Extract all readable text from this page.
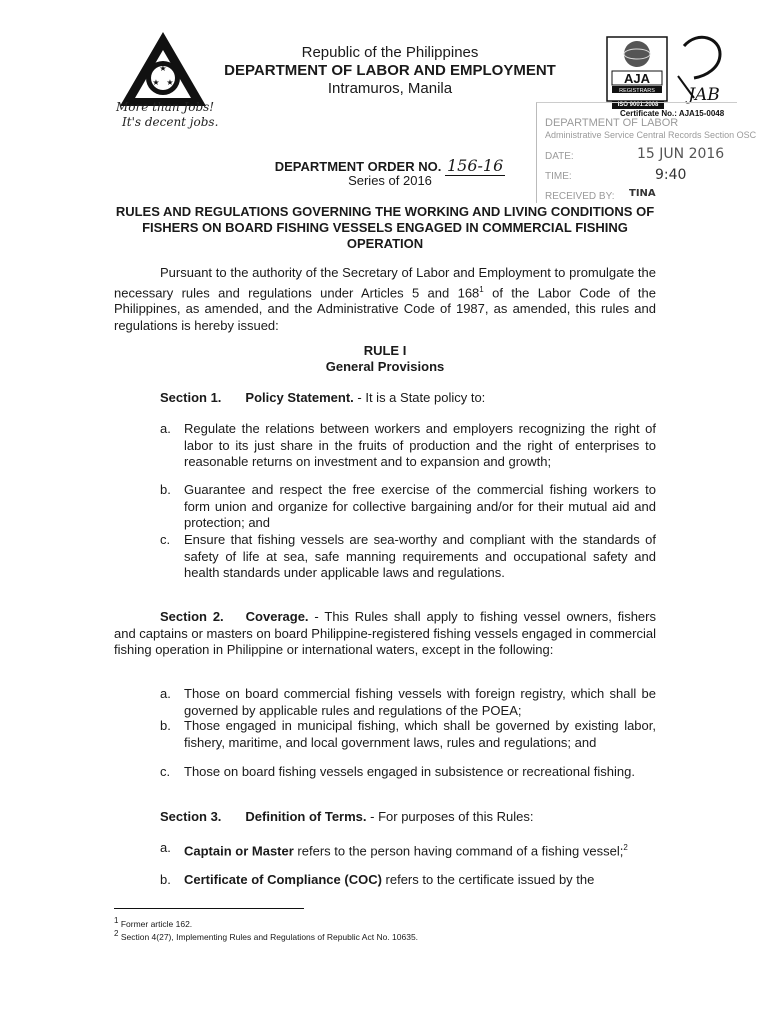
★
★ ★
Republic of the Philippines
DEPARTMENT OF LABOR AND EMPLOYMENT
Intramuros, Manila
More than Jobs!
It's decent jobs.
AJA
REGISTRARS
ISO 9001:2008 JAB
Certificate No.: AJA15-0048
DEPARTMENT OF LABOR
Administrative Service Central Records Section OSC
DATE:	15 JUN 2016
TIME:	9:40
RECEIVED BY: TINA
DEPARTMENT ORDER NO. 156-16
Series of 2016
RULES AND REGULATIONS GOVERNING THE WORKING AND LIVING CONDITIONS OF FISHERS ON BOARD FISHING VESSELS ENGAGED IN COMMERCIAL FISHING OPERATION
Pursuant to the authority of the Secretary of Labor and Employment to promulgate the necessary rules and regulations under Articles 5 and $168^1$ of the Labor Code of the Philippines, as amended, and the Administrative Code of 1987, as amended, this rules and regulations is hereby issued:
RULE I
General Provisions
Section 1. Policy Statement. - It is a State policy to:
a. Regulate the relations between workers and employers recognizing the right of labor to its just share in the fruits of production and the right of enterprises to reasonable returns on investment and to expansion and growth;
b. Guarantee and respect the free exercise of the commercial fishing workers to form union and organize for collective bargaining and/or for their mutual aid and protection; and
c. Ensure that fishing vessels are sea-worthy and compliant with the standards of safety of life at sea, safe manning requirements and occupational safety and health standards under applicable laws and regulations.
Section 2. Coverage. - This Rules shall apply to fishing vessel owners, fishers and captains or masters on board Philippine-registered fishing vessels engaged in commercial fishing operation in Philippine or international waters, except in the following:
a. Those on board commercial fishing vessels with foreign registry, which shall be governed by applicable rules and regulations of the POEA;
b. Those engaged in municipal fishing, which shall be governed by existing labor, fishery, maritime, and local government laws, rules and regulations; and
c. Those on board fishing vessels engaged in subsistence or recreational fishing.
Section 3. Definition of Terms. - For purposes of this Rules:
a. Captain or Master refers to the person having command of a fishing vessel;$^2$
b. Certificate of Compliance (COC) refers to the certificate issued by the
$^1$ Former article 162.
$^2$ Section 4(27), Implementing Rules and Regulations of Republic Act No. 10635.
